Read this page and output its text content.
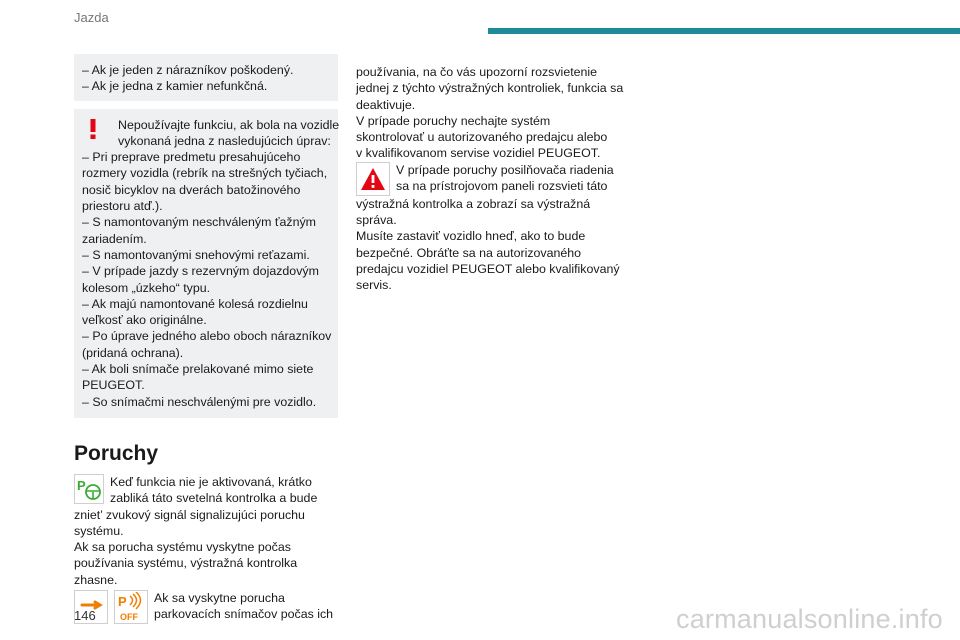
Jazda
– Ak je jeden z nárazníkov poškodený.
– Ak je jedna z kamier nefunkčná.
Nepoužívajte funkciu, ak bola na vozidle
vykonaná jedna z nasledujúcich úprav:
– Pri preprave predmetu presahujúceho
rozmery vozidla (rebrík na strešných tyčiach,
nosič bicyklov na dverách batožinového
priestoru atď.).
– S namontovaným neschváleným ťažným
zariadením.
– S namontovanými snehovými reťazami.
– V prípade jazdy s rezervným dojazdovým
kolesom „úzkeho“ typu.
– Ak majú namontované kolesá rozdielnu
veľkosť ako originálne.
– Po úprave jedného alebo oboch nárazníkov
(pridaná ochrana).
– Ak boli snímače prelakované mimo siete
PEUGEOT.
– So snímačmi neschválenými pre vozidlo.
Poruchy
P	Keď funkcia nie je aktivovaná, krátko
zabliká táto svetelná kontrolka a bude
zniet’ zvukový signál signalizujúci poruchu
systému.
Ak sa porucha systému vyskytne počas
používania systému, výstražná kontrolka
zhasne.
P
OFF
Ak sa vyskytne porucha
parkovacích snímačov počas ich
používania, na čo vás upozorní rozsvietenie
jednej z týchto výstražných kontroliek, funkcia sa
deaktivuje.
V prípade poruchy nechajte systém
skontrolovať u autorizovaného predajcu alebo
v kvalifikovanom servise vozidiel PEUGEOT.
V prípade poruchy posilňovača riadenia
sa na prístrojovom paneli rozsvieti táto
výstražná kontrolka a zobrazí sa výstražná
správa.
Musíte zastaviť vozidlo hneď, ako to bude
bezpečné. Obráťte sa na autorizovaného
predajcu vozidiel PEUGEOT alebo kvalifikovaný
servis.
146	carmanualsonline.info
